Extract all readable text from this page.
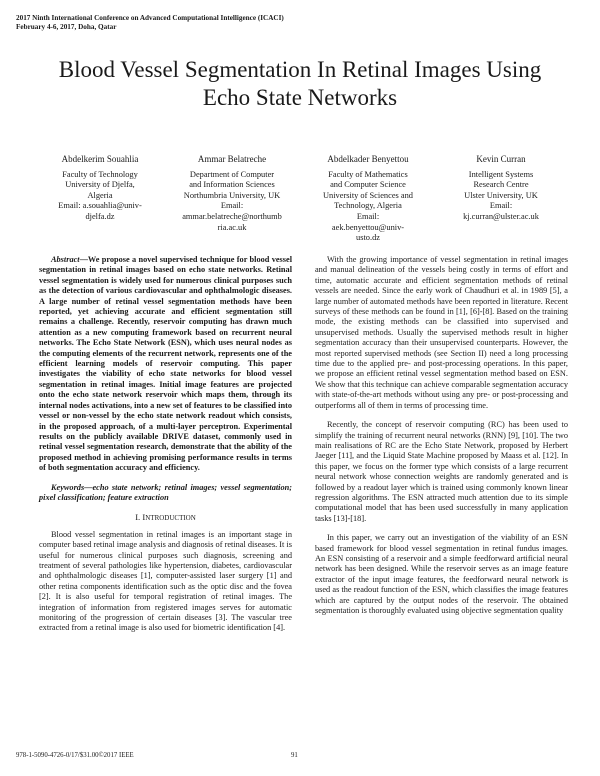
2017 Ninth International Conference on Advanced Computational Intelligence (ICACI)
February 4-6, 2017, Doha, Qatar
Blood Vessel Segmentation In Retinal Images Using
Echo State Networks
Abdelkerim Souahlia
Faculty of Technology
University of Djelfa,
Algeria
Email: a.souahlia@univ-
djelfa.dz
Ammar Belatreche
Department of Computer
and Information Sciences
Northumbria University, UK
Email:
ammar.belatreche@northumb
ria.ac.uk
Abdelkader Benyettou
Faculty of Mathematics
and Computer Science
University of Sciences and
Technology, Algeria
Email:
aek.benyettou@univ-
usto.dz
Kevin Curran
Intelligent Systems
Research Centre
Ulster University, UK
Email:
kj.curran@ulster.ac.uk

Abstract—We propose a novel supervised technique for blood vessel segmentation in retinal images based on echo state networks. Retinal vessel segmentation is widely used for numerous clinical purposes such as the detection of various cardiovascular and ophthalmologic diseases. A large number of retinal vessel segmentation methods have been reported, yet achieving accurate and efficient segmentation still remains a challenge. Recently, reservoir computing has drawn much attention as a new computing framework based on recurrent neural networks. The Echo State Network (ESN), which uses neural nodes as the computing elements of the recurrent network, represents one of the efficient learning models of reservoir computing. This paper investigates the viability of echo state networks for blood vessel segmentation in retinal images. Initial image features are projected onto the echo state network reservoir which maps them, through its internal nodes activations, into a new set of features to be classified into vessel or non-vessel by the echo state network readout which consists, in the proposed approach, of a multi-layer perceptron. Experimental results on the publicly available DRIVE dataset, commonly used in retinal vessel segmentation research, demonstrate that the ability of the proposed method in achieving promising performance results in terms of both segmentation accuracy and efficiency.

Keywords—echo state network; retinal images; vessel segmentation; pixel classification; feature extraction

I. INTRODUCTION

Blood vessel segmentation in retinal images is an important stage in computer based retinal image analysis and diagnosis of retinal diseases. It is useful for numerous clinical purposes such diagnosis, screening and treatment of several pathologies like hypertension, diabetes, cardiovascular and ophthalmologic diseases [1], computer-assisted laser surgery [1] and other retina components identification such as the optic disc and the fovea [2]. It is also useful for temporal registration of retinal images. The integration of information from registered images serves for automatic monitoring of the progression of certain diseases [3]. The vascular tree extracted from a retinal image is also used for biometric identification [4].

With the growing importance of vessel segmentation in retinal images and manual delineation of the vessels being costly in terms of effort and time, automatic accurate and efficient segmentation methods of retinal vessels are needed. Since the early work of Chaudhuri et al. in 1989 [5], a large number of automated methods have been reported in literature. Recent surveys of these methods can be found in [1], [6]-[8]. Based on the training mode, the existing methods can be classified into supervised and unsupervised methods. Usually the supervised methods result in higher segmentation accuracy than their unsupervised counterparts. However, the most reported supervised methods (see Section II) need a long processing time due to the applied pre- and post-processing operations. In this paper, we propose an efficient retinal vessel segmentation method based on ESN. We show that this technique can achieve comparable segmentation accuracy with state-of-the-art methods without using any pre- or post-processing and outperforms all of them in terms of processing time.

Recently, the concept of reservoir computing (RC) has been used to simplify the training of recurrent neural networks (RNN) [9], [10]. The two main realisations of RC are the Echo State Network, proposed by Herbert Jaeger [11], and the Liquid State Machine proposed by Maass et al. [12]. In this paper, we focus on the former type which consists of a large recurrent neural network whose connection weights are randomly generated and is followed by a readout layer which is trained using commonly known linear regression algorithms. The ESN attracted much attention due to its simple computational model that has been used successfully in many application tasks [13]-[18].

In this paper, we carry out an investigation of the viability of an ESN based framework for blood vessel segmentation in retinal fundus images. An ESN consisting of a reservoir and a simple feedforward artificial neural network has been designed. While the reservoir serves as an image feature extractor of the input image features, the feedforward neural network is used as the readout function of the ESN, which classifies the image features which are captured by the output nodes of the reservoir. The obtained segmentation is thoroughly evaluated using objective segmentation quality

978-1-5090-4726-0/17/$31.00©2017 IEEE	91
